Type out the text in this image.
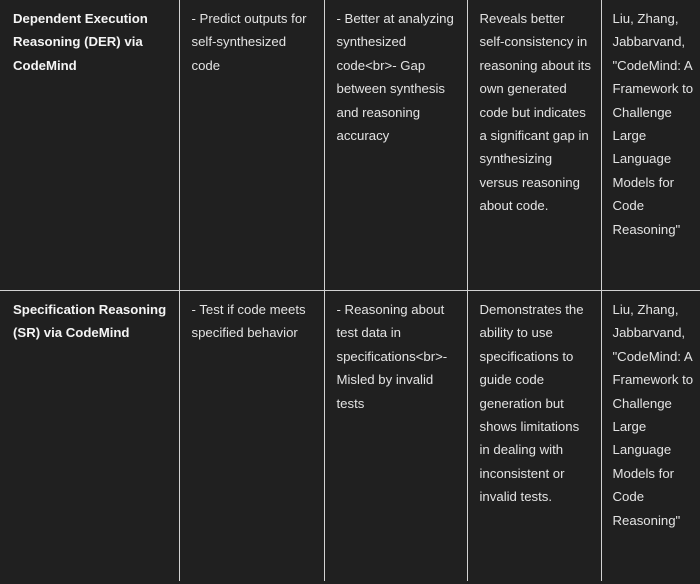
Dependent Execution Reasoning (DER) via CodeMind	- Predict outputs for self-synthesized code	- Better at analyzing synthesized code<br>- Gap between synthesis and reasoning accuracy	Reveals better self-consistency in reasoning about its own generated code but indicates a significant gap in synthesizing versus reasoning about code.	Liu, Zhang, Jabbarvand, "CodeMind: A Framework to Challenge Large Language Models for Code Reasoning"
Specification Reasoning (SR) via CodeMind	- Test if code meets specified behavior	- Reasoning about test data in specifications<br>- Misled by invalid tests	Demonstrates the ability to use specifications to guide code generation but shows limitations in dealing with inconsistent or invalid tests.	Liu, Zhang, Jabbarvand, "CodeMind: A Framework to Challenge Large Language Models for Code Reasoning"
